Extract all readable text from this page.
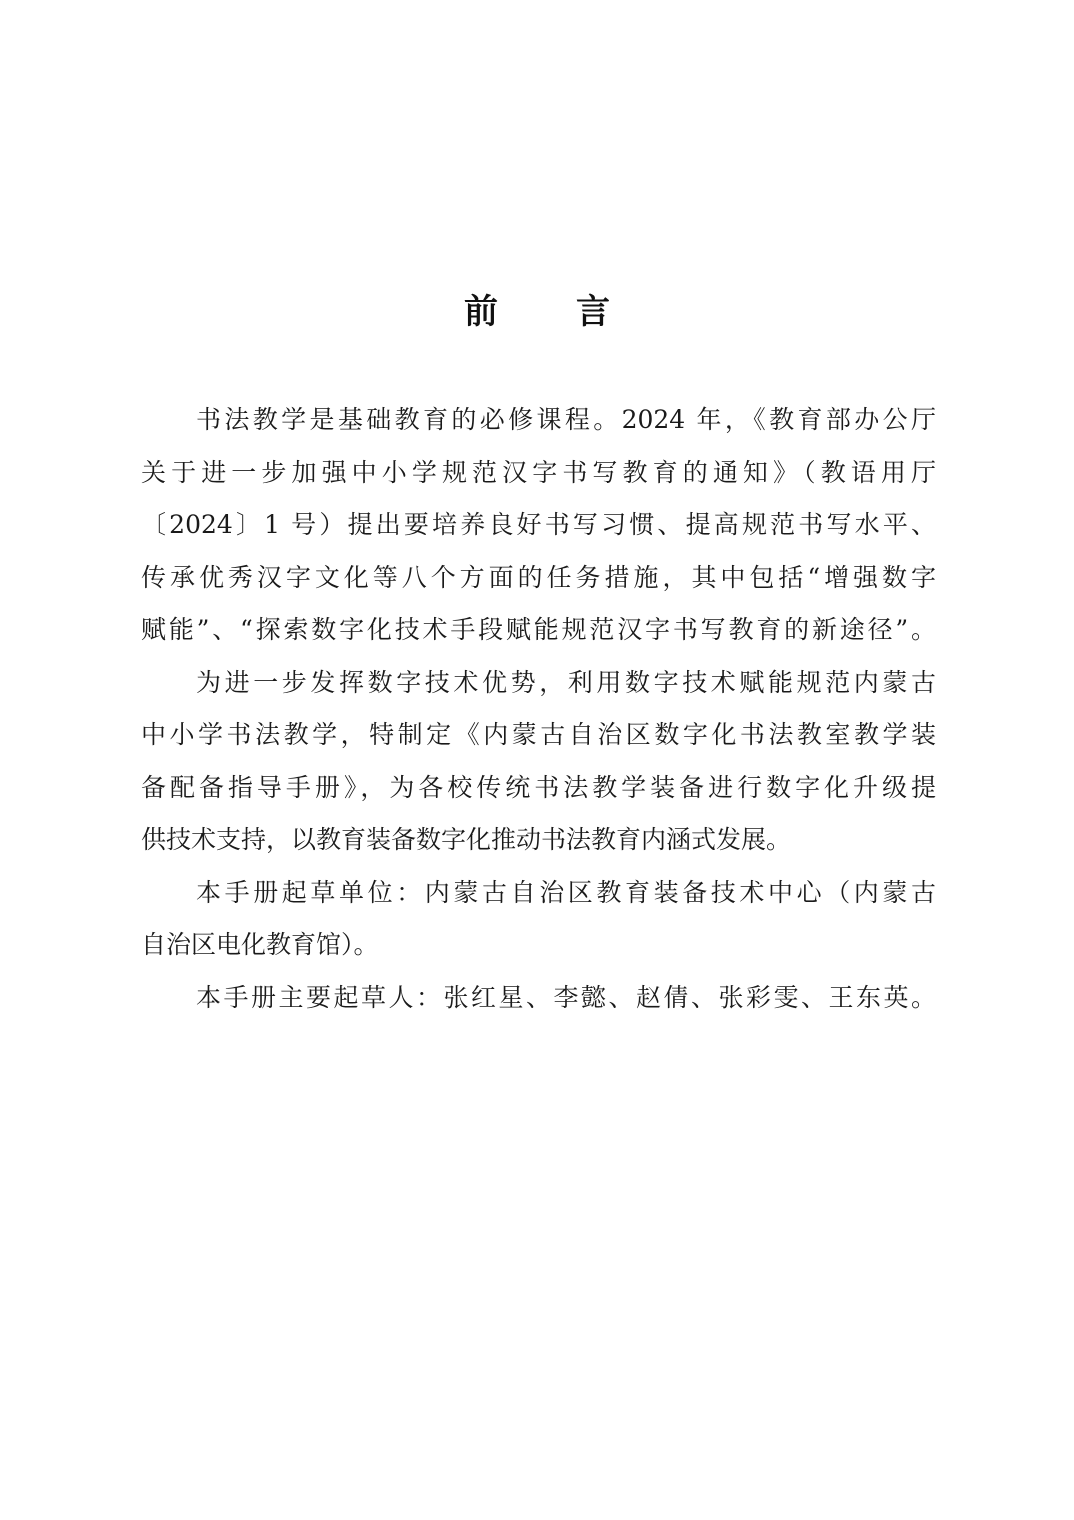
前 言
书法教学是基础教育的必修课程。2024 年，《教育部办公厅
关于进一步加强中小学规范汉字书写教育的通知》（教语用厅
〔2024〕1 号）提出要培养良好书写习惯、提高规范书写水平、
传承优秀汉字文化等八个方面的任务措施，其中包括“增强数字
赋能”、“探索数字化技术手段赋能规范汉字书写教育的新途径”。
为进一步发挥数字技术优势，利用数字技术赋能规范内蒙古
中小学书法教学，特制定《内蒙古自治区数字化书法教室教学装
备配备指导手册》，为各校传统书法教学装备进行数字化升级提
供技术支持，以教育装备数字化推动书法教育内涵式发展。
本手册起草单位：内蒙古自治区教育装备技术中心（内蒙古
自治区电化教育馆）。
本手册主要起草人：张红星、李懿、赵倩、张彩雯、王东英。
